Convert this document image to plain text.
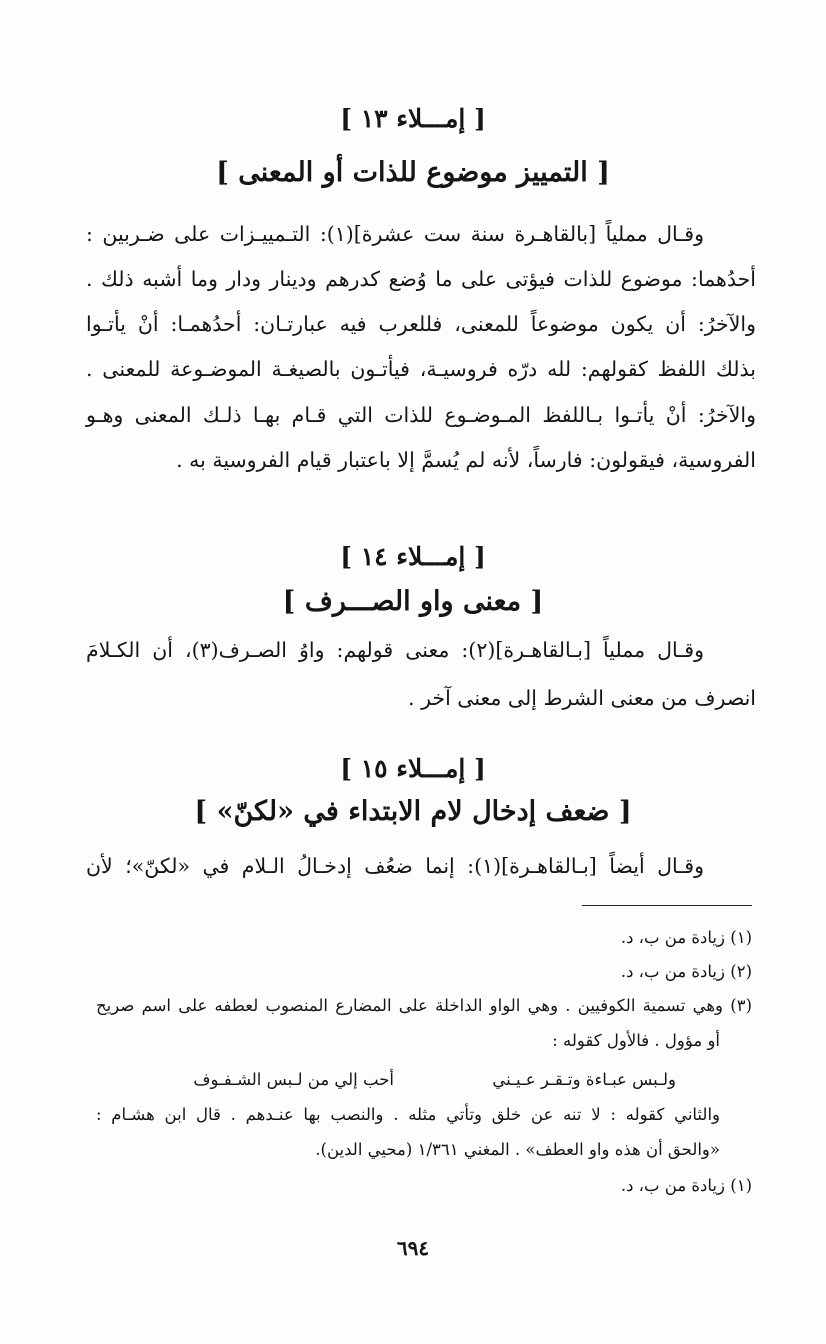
[ إمـــلاء ١٣ ]
[ التمييز موضوع للذات أو المعنى ]

وقـال مملياً [بالقاهـرة سنة ست عشرة](١): التـمييـزات على ضـربين :

أحدُهما: موضوع للذات فيؤتى على ما وُضع كدرهم ودينار ودار وما أشبه ذلك .

والآخرُ: أن يكون موضوعاً للمعنى، فللعرب فيه عبارتـان: أحدُهمـا: أنْ يأتـوا

بذلك اللفظ كقولهم: لله درّه فروسيـة، فيأتـون بالصيغـة الموضـوعة للمعنى .

والآخرُ: أنْ يأتـوا بـاللفظ المـوضـوع للذات التي قـام بهـا ذلـك المعنى وهـو

الفروسية، فيقولون: فارساً، لأنه لم يُسمَّ إلا باعتبار قيام الفروسية به .

[ إمـــلاء ١٤ ]
[ معنى واو الصـــرف ]

وقـال مملياً [بـالقاهـرة](٢): معنى قولهم: واوُ الصـرف(٣)، أن الكـلامَ

انصرف من معنى الشرط إلى معنى آخر .

[ إمـــلاء ١٥ ]
[ ضعف إدخال لام الابتداء في «لكنّ» ]

وقـال أيضاً [بـالقاهـرة](١): إنما ضعُف إدخـالُ الـلام في «لكنّ»؛ لأن

(١) زيادة من ب، د.

(٢) زيادة من ب، د.

(٣) وهي تسمية الكوفيين . وهي الواو الداخلة على المضارع المنصوب لعطفه على اسم صريح

أو مؤول . فالأول كقوله :

ولـبس عبـاءة وتـقـر عـيـني
أحب إلي من لـبس الشـفـوف

والثاني كقوله : لا تنه عن خلق وتأتي مثله . والنصب بها عنـدهم . قال ابن هشـام :

«والحق أن هذه واو العطف» . المغني ١/٣٦١ (محيي الدين).

(١) زيادة من ب، د.

٦٩٤
